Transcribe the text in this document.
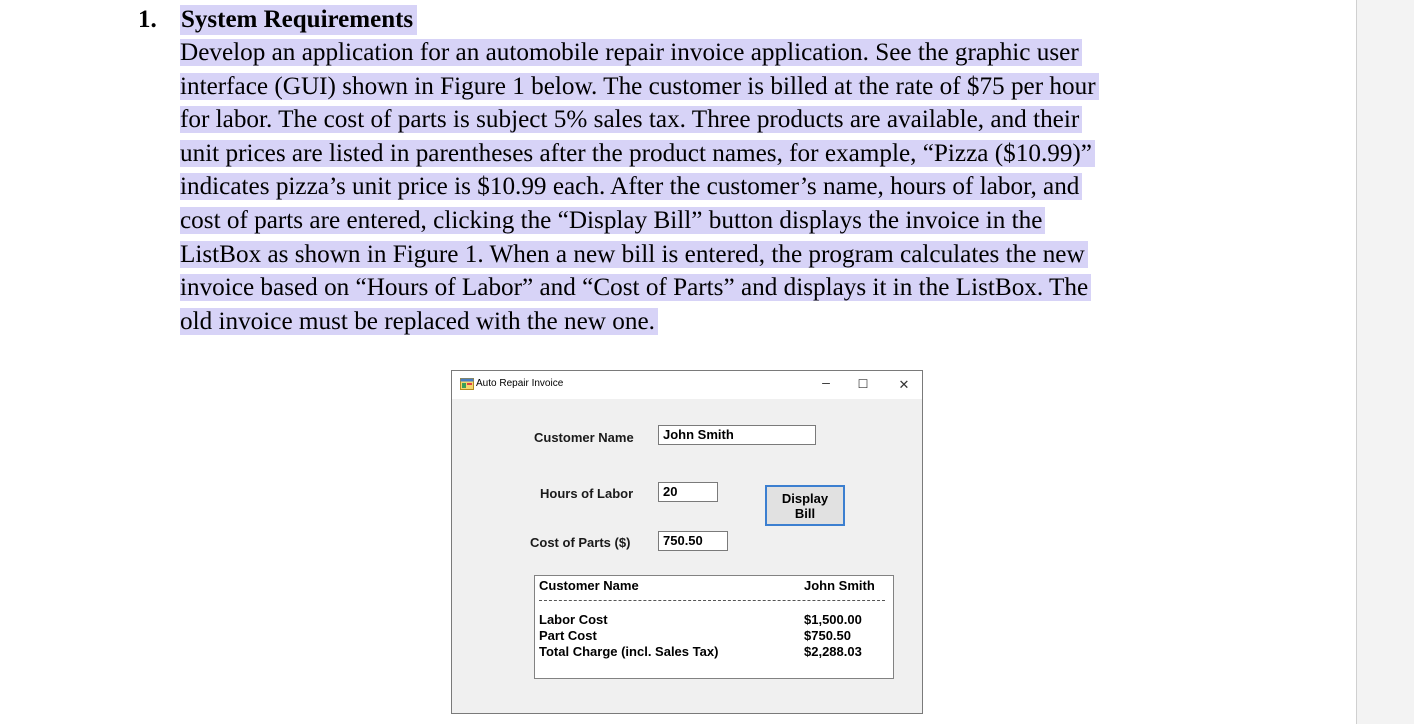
1. System Requirements
Develop an application for an automobile repair invoice application. See the graphic user
interface (GUI) shown in Figure 1 below. The customer is billed at the rate of $75 per hour
for labor. The cost of parts is subject 5% sales tax. Three products are available, and their
unit prices are listed in parentheses after the product names, for example, “Pizza ($10.99)”
indicates pizza’s unit price is $10.99 each. After the customer’s name, hours of labor, and
cost of parts are entered, clicking the “Display Bill” button displays the invoice in the
ListBox as shown in Figure 1. When a new bill is entered, the program calculates the new
invoice based on “Hours of Labor” and “Cost of Parts” and displays it in the ListBox. The
old invoice must be replaced with the new one.
Auto Repair Invoice	–	☐	✕
Customer Name	John Smith
Hours of Labor	20
Cost of Parts ($)	750.50
Display
Bill
Customer Name	John Smith
Labor Cost	$1,500.00
Part Cost	$750.50
Total Charge (incl. Sales Tax)	$2,288.03
